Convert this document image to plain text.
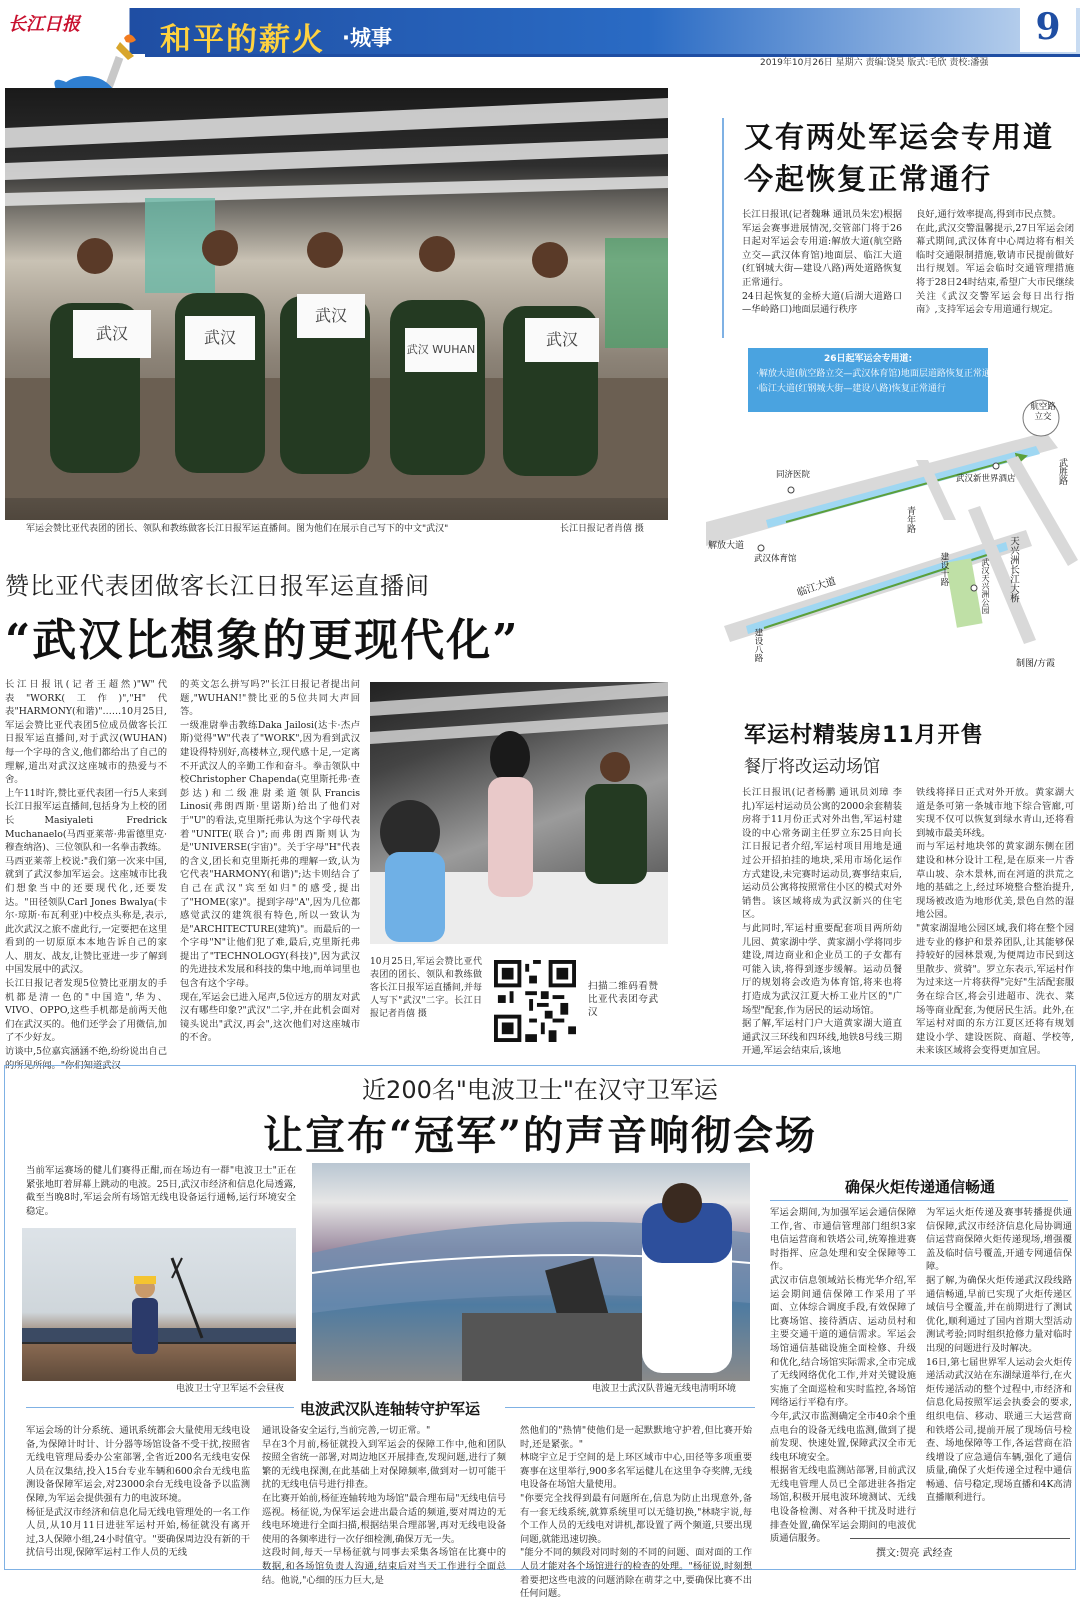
长江日报	和平的薪火 ·城事	9
2019年10月26日 星期六 责编:饶昊 版式:毛欣 责校:潘强
武汉	武汉
武汉
武汉 WUHAN
武汉
军运会赞比亚代表团的团长、领队和教练做客长江日报军运直播间。图为他们在展示自己写下的中文"武汉"	长江日报记者肖僖 摄
赞比亚代表团做客长江日报军运直播间
“武汉比想象的更现代化”
长江日报讯(记者王超然)"W"代表"WORK(工作)","H"代表"HARMONY(和谐)"……10月25日,军运会赞比亚代表团5位成员做客长江日报军运直播间,对于武汉(WUHAN)每一个字母的含义,他们都给出了自己的理解,道出对武汉这座城市的热爱与不舍。
上午11时许,赞比亚代表团一行5人来到长江日报军运直播间,包括身为上校的团长Masiyaleti Fredrick Muchanaelo(马西亚莱蒂·弗雷德里克·穆查纳洛)、三位领队和一名拳击教练。
马西亚莱蒂上校说:"我们第一次来中国,就到了武汉参加军运会。这座城市比我们想象当中的还要现代化,还要发达。"田径领队Carl Jones Bwalya(卡尔·琼斯·布瓦利亚)中校点头称是,表示,此次武汉之旅不虚此行,一定要把在这里看到的一切原原本本地告诉自己的家人、朋友、战友,让赞比亚进一步了解到中国发展中的武汉。
长江日报记者发现5位赞比亚朋友的手机都是清一色的"中国造",华为、VIVO、OPPO,这些手机都是前两天他们在武汉买的。他们还学会了用微信,加了不少好友。
访谈中,5位嘉宾涵涵不绝,纷纷说出自己的所见所闻。"你们知道武汉
的英文怎么拼写吗?"长江日报记者提出问题,"WUHAN!"赞比亚的5位共同大声回答。
一级准尉拳击教练Daka Jailosi(达卡·杰卢斯)觉得"W"代表了"WORK",因为看到武汉建设得特别好,高楼林立,现代感十足,一定离不开武汉人的辛勤工作和奋斗。拳击领队中校Christopher Chapenda(克里斯托弗·查彭达)和二级准尉柔道领队Francis Linosi(弗朗西斯·里诺斯)给出了他们对于"U"的看法,克里斯托弗认为这个字母代表着"UNITE(联合)";而弗朗西斯则认为是"UNIVERSE(宇宙)"。关于字母"H"代表的含义,团长和克里斯托弗的理解一致,认为它代表"HARMONY(和谐)";达卡则结合了自己在武汉"宾至如归"的感受,提出了"HOME(家)"。提到字母"A",因为几位都感觉武汉的建筑很有特色,所以一致认为是"ARCHITECTURE(建筑)"。而最后的一个字母"N"让他们犯了难,最后,克里斯托弗提出了"TECHNOLOGY(科技)",因为武汉的先进技术发展和科技的集中地,而单词里也包含有这个字母。
现在,军运会已进入尾声,5位远方的朋友对武汉有哪些印象?"武汉"二字,并在此机会面对镜头说出"武汉,再会",这次他们对这座城市的不舍。
10月25日,军运会赞比亚代表团的团长、领队和教练做客长江日报军运直播间,并每人写下"武汉"二字。长江日报记者肖僖 摄
扫描二维码看赞比亚代表团夸武汉
又有两处军运会专用道
今起恢复正常通行
长江日报讯(记者魏琳 通讯员朱宏)根据军运会赛事进展情况,交管部门将于26日起对军运会专用道:解放大道(航空路立交—武汉体育馆)地面层、临江大道(红钢城大街—建设八路)两处道路恢复正常通行。
24日起恢复的金桥大道(后湖大道路口—华岭路口)地面层通行秩序
良好,通行效率提高,得到市民点赞。
在此,武汉交警温馨提示,27日军运会闭幕式期间,武汉体育中心周边将有相关临时交通限制措施,敬请市民提前做好出行规划。军运会临时交通管理措施将于28日24时结束,希望广大市民继续关注《武汉交警军运会每日出行指南》,支持军运会专用道通行规定。
26日起军运会专用道:
·解放大道(航空路立交—武汉体育馆)地面层道路恢复正常通行
·临江大道(红钢城大街—建设八路)恢复正常通行
航空路立交
武胜路
同济医院	武汉新世界酒店
解放大道
武汉体育馆
青年路
临江大道	天兴洲长江大桥
建设八路
建设十路	武汉天兴洲公园
制图/方霞
军运村精装房11月开售
餐厅将改运动场馆
长江日报讯(记者杨鹏 通讯员刘璋 李扎)军运村运动员公寓的2000余套精装房将于11月份正式对外出售,军运村建设的中心常务副主任罗立东25日向长江日报记者介绍,军运村项目用地是通过公开招拍挂的地块,采用市场化运作方式建设,未完赛时运动员,赛事结束后,运动员公寓将按照常住小区的模式对外销售。该区域将成为武汉新兴的住宅区。
与此同时,军运村重要配套项目两所幼儿园、黄家湖中学、黄家湖小学将同步建设,周边商业和企业员工的子女都有可能入读,将得到逐步缓解。运动员餐厅的规划将会改造为体育馆,将来也将打造成为武汉江夏大桥工业片区的"广场型"配套,作为居民的运动场馆。
据了解,军运村门户大道黄家湖大道直通武汉三环线和四环线,地铁8号线三期开通,军运会结束后,该地
铁线将择日正式对外开放。黄家湖大道是条可第一条城市地下综合管廊,可实现不仅可以恢复到绿水青山,还将看到城市最美环线。
而与军运村地块邻的黄家湖东侧在团建设和林分设计工程,是在原来一片香草山坡、杂木景林,而在河道的洪荒之地的基础之上,经过环境整合整治提升,现场被改造为地形优美,景色自然的湿地公园。
"黄家湖湿地公园区域,我们将在整个园进专业的修护和景养团队,让其能够保持较好的园林景观,为便周边市民到这里散步、赏骑"。罗立东表示,军运村作为过来这一片将获得"完好"生活配套服务在综合区,将会引进超市、洗衣、菜场等商业配套,为便居民生活。此外,在军运村对面的东方江夏区还将有规划建设小学、建设医院、商超、学校等,未来该区域将会变得更加宜居。
近200名"电波卫士"在汉守卫军运
让宣布“冠军”的声音响彻会场
当前军运赛场的健儿们赛得正酣,而在场边有一群"电波卫士"正在紧张地盯着屏幕上跳动的电波。25日,武汉市经济和信息化局透露,截至当晚8时,军运会所有场馆无线电设备运行通畅,运行环境安全稳定。
电波卫士守卫军运不会昼夜	电波卫士武汉队普遍无线电清明环境
电波武汉队连轴转守护军运
军运会场的计分系统、通讯系统都会大量使用无线电设备,为保障计时计、计分器等场馆设备不受干扰,按照省无线电管理局委办公室部署,全省近200名无线电安保人员在汉集结,投入15台专业车辆和600余台无线电监测设备保障军运会,对23000余台无线电设备予以监测保障,为军运会提供强有力的电波环境。
杨征是武汉市经济和信息化局无线电管理处的一名工作人员,从10月11日进驻军运村开始,杨征就没有离开过,3人保障小组,24小时值守。"要确保周边没有新的干扰信号出现,保障军运村工作人员的无线
通讯设备安全运行,当前完善,一切正常。"
早在3个月前,杨征就投入到军运会的保障工作中,他和团队按照全省统一部署,对周边地区开展排查,发现问题,进行了频繁的无线电探测,在此基础上对保障频率,做到对一切可能干扰的无线电信号进行排查。
在比赛开始前,杨征连轴转地为场馆"最合理布局"无线电信号巡视。杨征说,为保军运会进出最合适的频道,要对周边的无线电环境进行全面扫描,根据结果合理部署,再对无线电设备使用的各频率进行一次仔细检测,确保万无一失。
这段时间,每天一早杨征就与同事去采集各场馆在比赛中的数据,和各场馆负责人沟通,结束后对当天工作进行全面总结。他说,"心细的压力巨大,是
然他们的"热情"使他们是一起默默地守护着,但比赛开始时,还是紧张。"
林晓宇立足于空间的是上环区域市中心,田径等多项重要赛事在这里举行,900多名军运健儿在这里争夺奖牌,无线电设备在场馆大量使用。
"你要完全找得到最有问题所在,信息为防止出现意外,备有一套无线系统,就算系统里可以无缝切换,"林晓宇说,每个工作人员的无线电对讲机,都设置了两个频道,只要出现问题,就能迅速切换。
"能分不同的频段对同时刻的不同的问题、面对面的工作人员才能对各个场馆进行的检查的处理。"杨征说,时刻想着要把这些电波的问题消除在萌芽之中,要确保比赛不出任何问题。
确保火炬传递通信畅通
军运会期间,为加强军运会通信保障工作,省、市通信管理部门组织3家电信运营商和铁塔公司,统筹推进赛时指挥、应急处理和安全保障等工作。
武汉市信息领域站长梅光华介绍,军运会期间通信保障工作采用了平面、立体综合调度手段,有效保障了比赛场馆、接待酒店、运动员村和主要交通干道的通信需求。军运会场馆通信基础设施全面检修、升级和优化,结合场馆实际需求,全市完成了无线网络优化工作,并对关键设施实施了全面巡检和实时监控,各场馆网络运行平稳有序。
今年,武汉市监测确定全市40余个重点电台的设备无线电监测,做到了提前发现、快速处置,保障武汉全市无线电环境安全。
根据省无线电监测站部署,目前武汉无线电管理人员已全部进驻各指定场馆,积极开展电波环境测试、无线电设备检测、对各种干扰及时进行排查处置,确保军运会期间的电波优质通信服务。
为军运火炬传递及赛事转播提供通信保障,武汉市经济信息化局协调通信运营商保障火炬传递现场,增强覆盖及临时信号覆盖,开通专网通信保障。
据了解,为确保火炬传递武汉段线路通信畅通,早前已实现了火炬传递区域信号全覆盖,并在前期进行了测试优化,顺利通过了国内首期大型活动测试考验;同时组织抢修力量对临时出现的问题进行及时解决。
16日,第七届世界军人运动会火炬传递活动武汉站在东湖绿道举行,在火炬传递活动的整个过程中,市经济和信息化局按照军运会执委会的要求,组织电信、移动、联通三大运营商和铁塔公司,提前开展了现场信号检查、场地保障等工作,各运营商在沿线增设了应急通信车辆,强化了通信质量,确保了火炬传递全过程中通信畅通、信号稳定,现场直播和4K高清直播顺利进行。
撰文:贺亮 武经查
